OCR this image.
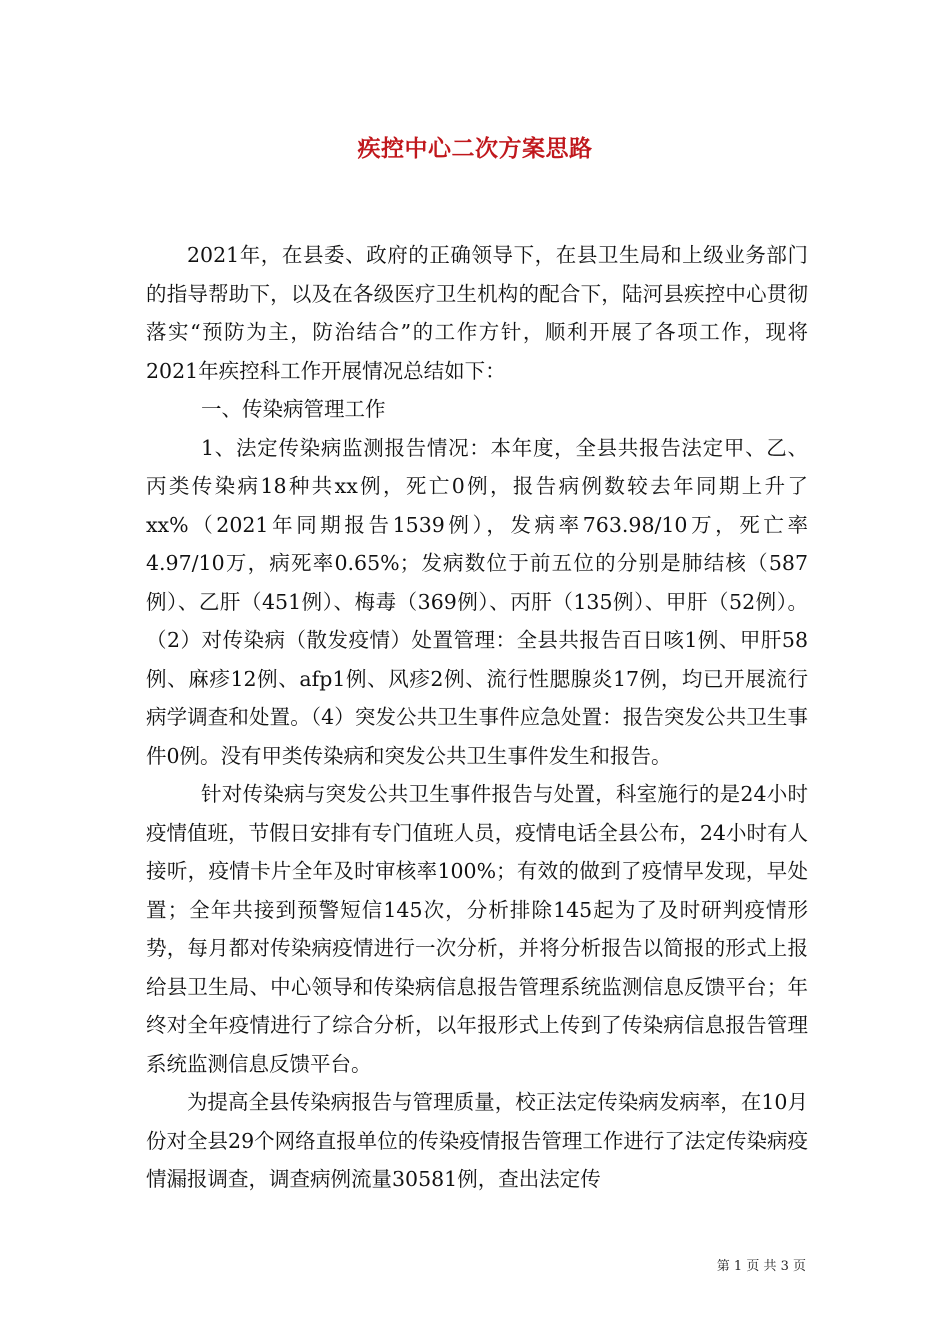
疾控中心二次方案思路

2021年，在县委、政府的正确领导下，在县卫生局和上级业务部门的指导帮助下，以及在各级医疗卫生机构的配合下，陆河县疾控中心贯彻落实“预防为主，防治结合”的工作方针，顺利开展了各项工作，现将2021年疾控科工作开展情况总结如下：

一、传染病管理工作

1、法定传染病监测报告情况：本年度，全县共报告法定甲、乙、丙类传染病18种共xx例，死亡0例，报告病例数较去年同期上升了xx%（2021年同期报告1539例），发病率763.98/10万，死亡率4.97/10万，病死率0.65%；发病数位于前五位的分别是肺结核（587例）、乙肝（451例）、梅毒（369例）、丙肝（135例）、甲肝（52例）。（2）对传染病（散发疫情）处置管理：全县共报告百日咳1例、甲肝58例、麻疹12例、afp1例、风疹2例、流行性腮腺炎17例，均已开展流行病学调查和处置。（4）突发公共卫生事件应急处置：报告突发公共卫生事件0例。没有甲类传染病和突发公共卫生事件发生和报告。

针对传染病与突发公共卫生事件报告与处置，科室施行的是24小时疫情值班，节假日安排有专门值班人员，疫情电话全县公布，24小时有人接听，疫情卡片全年及时审核率100%；有效的做到了疫情早发现，早处置；全年共接到预警短信145次，分析排除145起为了及时研判疫情形势，每月都对传染病疫情进行一次分析，并将分析报告以简报的形式上报给县卫生局、中心领导和传染病信息报告管理系统监测信息反馈平台；年终对全年疫情进行了综合分析，以年报形式上传到了传染病信息报告管理系统监测信息反馈平台。

为提高全县传染病报告与管理质量，校正法定传染病发病率，在10月份对全县29个网络直报单位的传染疫情报告管理工作进行了法定传染病疫情漏报调查，调查病例流量30581例，查出法定传

第 1 页 共 3 页
